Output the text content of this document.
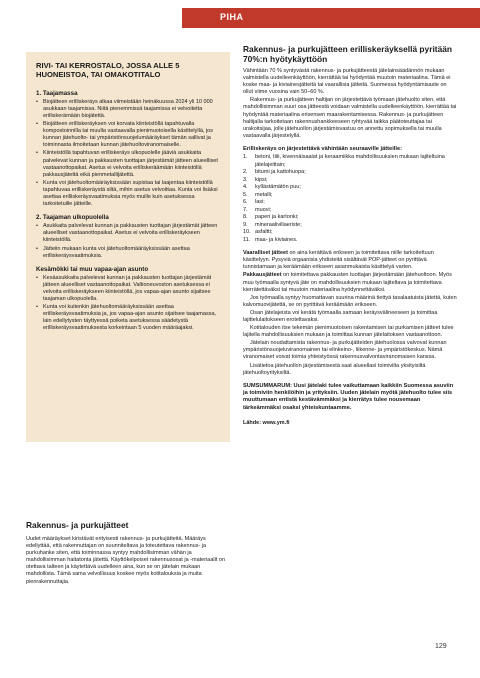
PIHA
RIVI- TAI KERROSTALO, JOSSA ALLE 5 HUONEISTOA, TAI OMAKOTITALO
1. Taajamassa
• Biojätteen erilliskeräys alkaa viimeistään heinäkuussa 2024 yli 10 000 asukkaan taajamissa. Niitä pienemmissä taajamissa ei velvoitetta erilliskerämään biojätettä.
• Biojätteen erilliskeräyksen voi korvata kiinteistöllä tapahtuvalla kompostoinnilla tai muulla vastaavalla pienimuotoisella käsittelyllä, jos kunnan jätehuolto- tai ympäristönsuojelumääräykset tämän sallivat ja toiminnasta ilmoitetaan kunnan jätehuoltoviranomaiselle.
• Kiinteistöllä tapahtuvan erilliskeräys ulkopuolelle jäävià asukkaita palvelevat kunnan ja pakkausten tuottajan järjestämät jätteen alueelliset vastaanottopaikat. Asetus ei velvoita erilliskeräämään kiinteistöllä pakkausjätettä eikä pienmetallijätettä.
• Kunta voi jätehuoltomääräyksissään supistaa tai laajentaa kiinteistöllä tapahtuvaa erilliskeräystä siltä, mihin asetus velvoittaa. Kunta voi lisäksi asettaa erilliskeräysvaatimuksia myös muille kuin asetuksessa tarkoitetuille jätteille.
2. Taajaman ulkopuolella
• Asukkaita palvelevat kunnan ja pakkausten tuottajan järjestämät jätteen alueelliset vastaanottopaikat. Asetus ei velvoita erilliskeräykseen kiinteistöllä.
• Jätteiin mukaan kunta voi jätehuoltomääräyksissään asettaa erilliskeräysvaatimuksia.
Kesämökki tai muu vapaa-ajan asunto
• Kesäasukkaita palvelevat kunnan ja pakkausten tuottajan järjestämät jätteen alueelliset vastaanottopaikat. Valtioneuvoston asetuksessa ei velvoita erilliskeräykseen kiinteistöllä, jos vapaa-ajan asunto sijaitsee taajaman ulkopuolella.
• Kunta voi kuitenkin jätehuoltomääräyksissään asettaa erilliskeräysvaatimuksia ja, jos vapaa-ajan asunto sijaitsee taajamassa, lain edellytysten täyttyessä poiketa asetuksessa säädetystä erilliskeräysvaatimuksesta korkeintaan 5 vuoden määräajaksi.
Rakennus- ja purkujätteet
Uudet määräykset kiristävät erityisesti rakennus- ja purkujätteitä. Määräys edellyttää, että rakennuttajan on suunniteltava ja toteutettava rakennus- ja purkuhanke siten, että toiminnassa syntyy mahdollisimman vähän ja mahdollisimman haitatonta jätettä. Käyttökelpoiset rakennusosat ja -materiaalit on otettava talteen ja käytettävä uudelleen aina, kun se on jätelain mukaan mahdollista. Tämä sama velvollisuus koskee myös kotitalouksia ja muita pienrakennuttajia.
Rakennus- ja purkujätteen erilliskeräyksellä pyritään 70%:n hyötykäyttöön
Vähintään 70 % syntyvästä rakennus- ja purkujätteestä jätelainsäädännön mukaan valmistella uudelleenkäyttöön, kierrättää tai hyödyntää muutoin materiaalina. Tämä ei koske maa- ja kiviainesjätteitä tai vaarallisia jätteitä. Suomessa hyödyntämisaste on ollut viime vuosina vain 50–60 %.
Rakennus- ja purkujätteen haltijan on järjestettävä työmaan jätehuolto siten, että mahdollisimman suuri osa jätteestä voidaan valmistella uudelleenkäyttöön, kierrättää tai hyödyntää materiaalina erisensen maarakentamisessa. Rakennus- ja purkujätteen haltijalla tarkoitetaan rakennushankkeeseen ryhtyvää taikka päätoteuttajaa tai urakoitsijaa, jolle jätehuollon järjestämisvastuu on annettu sopimuksella tai muulla vastaavalla järjestelyllä.
Erilliskeräys on järjestettävä vähintään seuraaville jätteille:
1.	betoni, tiili, kivennäisaalat ja keraamiikka mahdollisuuksien mukaan lajiteltuina jätelajeittain;
2.	bitumi ja kattohuopa;
3.	kipsi;
4.	kyllästämätön puu;
5.	metalli;
6.	lasi;
7.	muovi;
8.	paperi ja kartonki;
9.	mineraalivillaeriste;
10. asfaltti;
11. maa- ja kiviaines.
Vaaralliset jätteet on aina kerättävä erikseen ja toimitettava niille tarkoitettuun käsittelyyn. Pysyviä orgaanisia yhdisteitä sisältävät POP-jätteet on pyrittävä tunnistamaan ja keräämään erikseen asianmukaista käsittelyä varten.
Pakkausjätteet on toimitettava pakkausten tuottajan järjestämään jätehuoltoon. Myös muu työmaalla syntyvä jäte on mahdollisuuksien mukaan lajiteltava ja toimitettava kierrätettäväksi tai muutoin materiaalina hyödynnettäväksi.
Jos työmaalla syntyy huomattavan suurina määrinä tiettyä tasalaatuista jätettä, kuten kalvomuovijätettä, se on pyrittävä keräämään erikseen.
Osan jätelajeista voi kerätä työmaalla samaan keräysvälineeseen ja toimittaa lajittelulaitokseen eroteltavaksi.
Kotitalouden itse tekemän pienimuotoisen rakentamisen tai purkamisen jätteet tulee lajitella mahdollisuuksien mukaan ja toimittaa kunnan jätelaitoksen vastaanottoon.
Jätelain noudattamista rakennus- ja purkujätteiden jätehuolossa valvovat kunnan ympäristönsuojeluviranomainen tai elinkeino-, liikenne- ja ympäristökeskus. Nämä viranomaiset voivat toimia yhteistyössä rakennusvalvontaviranomaisen kanssa.
Lisätietoa jätehuollon järjestämisestä saat alueellasi toimivilta yksityisiltä jätehuoltoyrityksiltä.
SUMSUMMARUM: Uusi jätelaki tulee vaikuttamaan kaikkiin Suomessa asuviin ja toimiviin henkilöihin ja yrityksiin. Uuden jätelain myötä jätehuolto tulee siis muuttumaan entistä kestävämmäksi ja kierrätys tulee nousemaan tärkeämmäksi osaksi yhteiskuntaamme.
Lähde: www.ym.fi
129
